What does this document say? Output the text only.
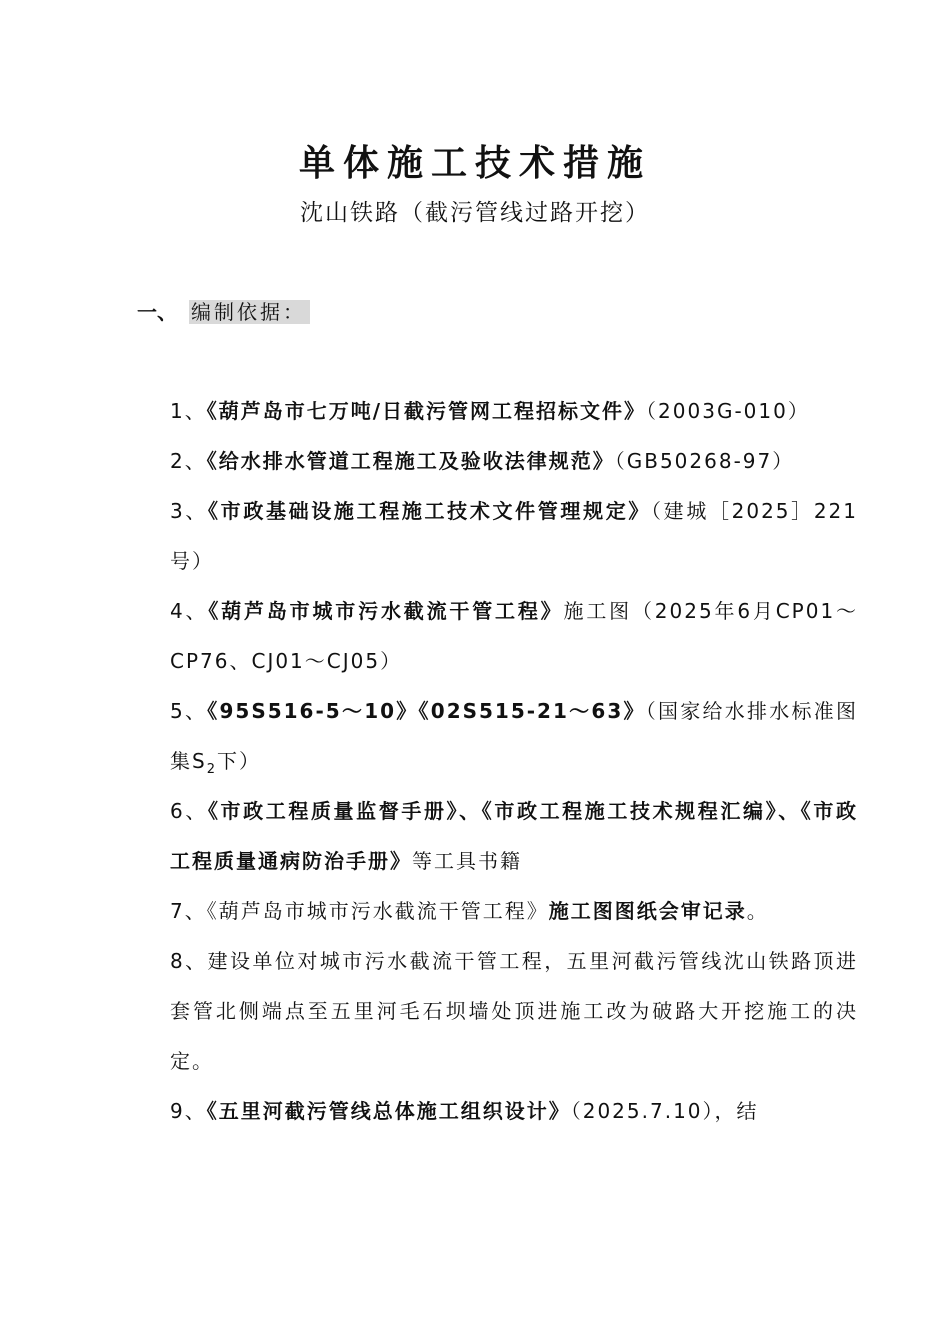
单体施工技术措施
沈山铁路（截污管线过路开挖）
一、 编制依据：
1、《葫芦岛市七万吨/日截污管网工程招标文件》（2003G-010）
2、《给水排水管道工程施工及验收法律规范》（GB50268-97）
3、《市政基础设施工程施工技术文件管理规定》（建城［2025］221号）
4、《葫芦岛市城市污水截流干管工程》施工图（2025年6月CP01～CP76、CJ01～CJ05）
5、《95S516-5～10》《02S515-21～63》（国家给水排水标准图集$S_2$下）
6、《市政工程质量监督手册》、《市政工程施工技术规程汇编》、《市政工程质量通病防治手册》等工具书籍
7、《葫芦岛市城市污水截流干管工程》施工图图纸会审记录。
8、建设单位对城市污水截流干管工程，五里河截污管线沈山铁路顶进套管北侧端点至五里河毛石坝墙处顶进施工改为破路大开挖施工的决定。
9、《五里河截污管线总体施工组织设计》（2025.7.10），结
